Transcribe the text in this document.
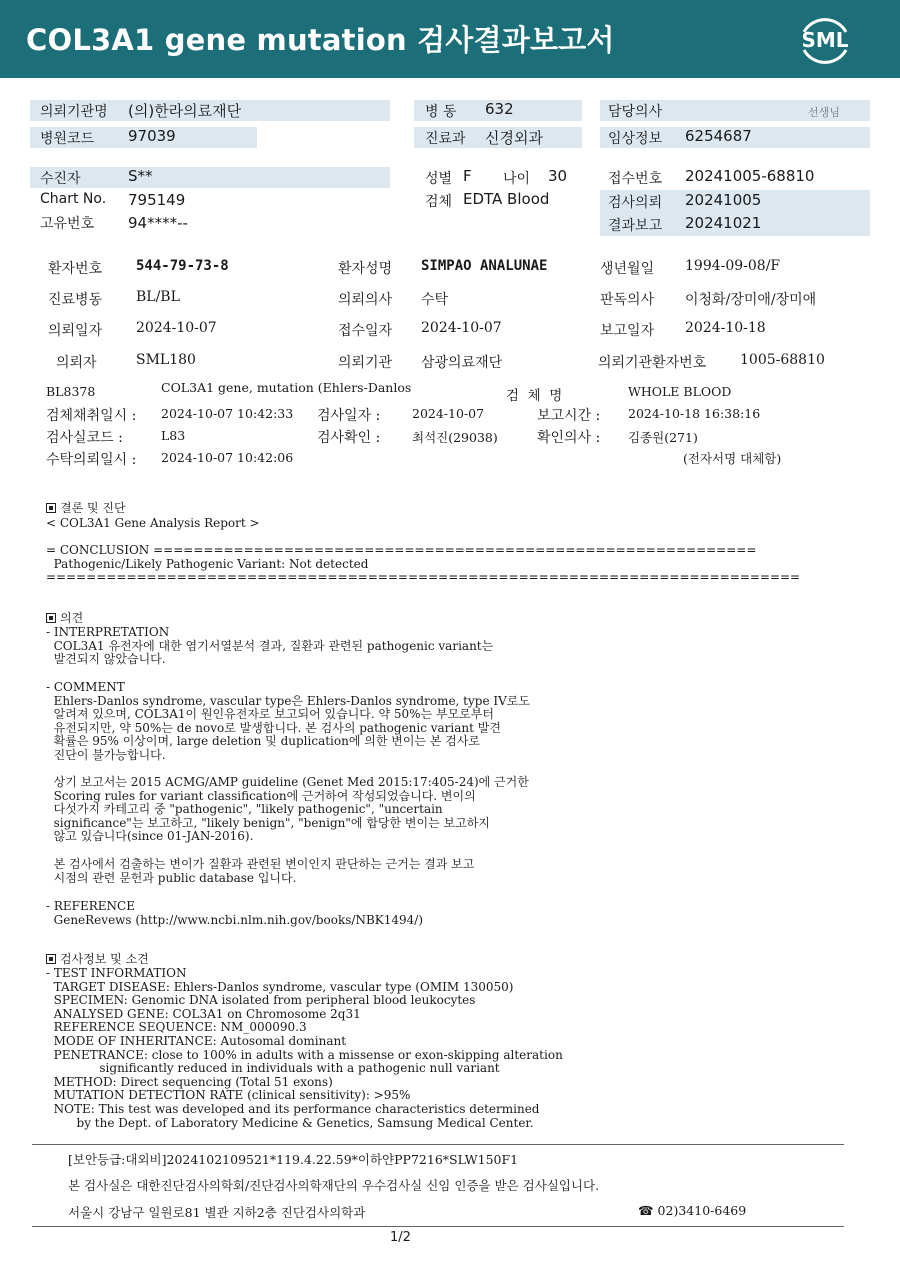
COL3A1 gene mutation 검사결과보고서	SML
의뢰기관명 (의)한라의료재단
병원코드 97039
병 동 632
진료과 신경외과
담당의사	선생님
임상정보 6254687
수진자	S**
Chart No. 795149
고유번호 94****--
성별 F 나이 30
검체 EDTA Blood
접수번호 20241005-68810
검사의뢰 20241005
결과보고 20241021
환자번호 544-79-73-8	환자성명 SIMPAO ANALUNAE	생년월일 1994-09-08/F
진료병동 BL/BL	의뢰의사 수탁	판독의사 이청화/장미애/장미애
의뢰일자 2024-10-07	접수일자 2024-10-07	보고일자 2024-10-18
의뢰자	SML180	의뢰기관 삼광의료재단	의뢰기관환자번호 1005-68810
BL8378	COL3A1 gene, mutation (Ehlers-Danlos
검  체  명	WHOLE BLOOD
검체채취일시 : 2024-10-07 10:42:33 검사일자 :	2024-10-07	보고시간 : 2024-10-18 16:38:16
검사실코드 :	L83	검사확인 :	최석진(29038)	확인의사 : 김종원(271)
수탁의뢰일시 : 2024-10-07 10:42:06	(전자서명 대체함)
결론 및 진단
< COL3A1 Gene Analysis Report >
= CONCLUSION ============================================================
Pathogenic/Likely Pathogenic Variant: Not detected
===========================================================================
의견
- INTERPRETATION
COL3A1 유전자에 대한 염기서열분석 결과, 질환과 관련된 pathogenic variant는
발견되지 않았습니다.
- COMMENT
Ehlers-Danlos syndrome, vascular type은 Ehlers-Danlos syndrome, type IV로도
알려져 있으며, COL3A1이 원인유전자로 보고되어 있습니다. 약 50%는 부모로부터
유전되지만, 약 50%는 de novo로 발생합니다. 본 검사의 pathogenic variant 발견
확률은 95% 이상이며, large deletion 및 duplication에 의한 변이는 본 검사로
진단이 불가능합니다.
상기 보고서는 2015 ACMG/AMP guideline (Genet Med 2015:17:405-24)에 근거한
Scoring rules for variant classification에 근거하여 작성되었습니다. 변이의
다섯가지 카테고리 중 "pathogenic", "likely pathogenic", "uncertain
significance"는 보고하고, "likely benign", "benign"에 합당한 변이는 보고하지
않고 있습니다(since 01-JAN-2016).
본 검사에서 검출하는 변이가 질환과 관련된 변이인지 판단하는 근거는 결과 보고
시점의 관련 문헌과 public database 입니다.
- REFERENCE
GeneRevews (http://www.ncbi.nlm.nih.gov/books/NBK1494/)
검사정보 및 소견
- TEST INFORMATION
TARGET DISEASE: Ehlers-Danlos syndrome, vascular type (OMIM 130050)
SPECIMEN: Genomic DNA isolated from peripheral blood leukocytes
ANALYSED GENE: COL3A1 on Chromosome 2q31
REFERENCE SEQUENCE: NM_000090.3
MODE OF INHERITANCE: Autosomal dominant
PENETRANCE: close to 100% in adults with a missense or exon-skipping alteration
significantly reduced in individuals with a pathogenic null variant
METHOD: Direct sequencing (Total 51 exons)
MUTATION DETECTION RATE (clinical sensitivity): >95%
NOTE: This test was developed and its performance characteristics determined
by the Dept. of Laboratory Medicine & Genetics, Samsung Medical Center.
[보안등급:대외비]2024102109521*119.4.22.59*이하얀PP7216*SLW150F1
본 검사실은 대한진단검사의학회/진단검사의학재단의 우수검사실 신임 인증을 받은 검사실입니다.
서울시 강남구 일원로81 별관 지하2층 진단검사의학과	☎ 02)3410-6469
1/2
